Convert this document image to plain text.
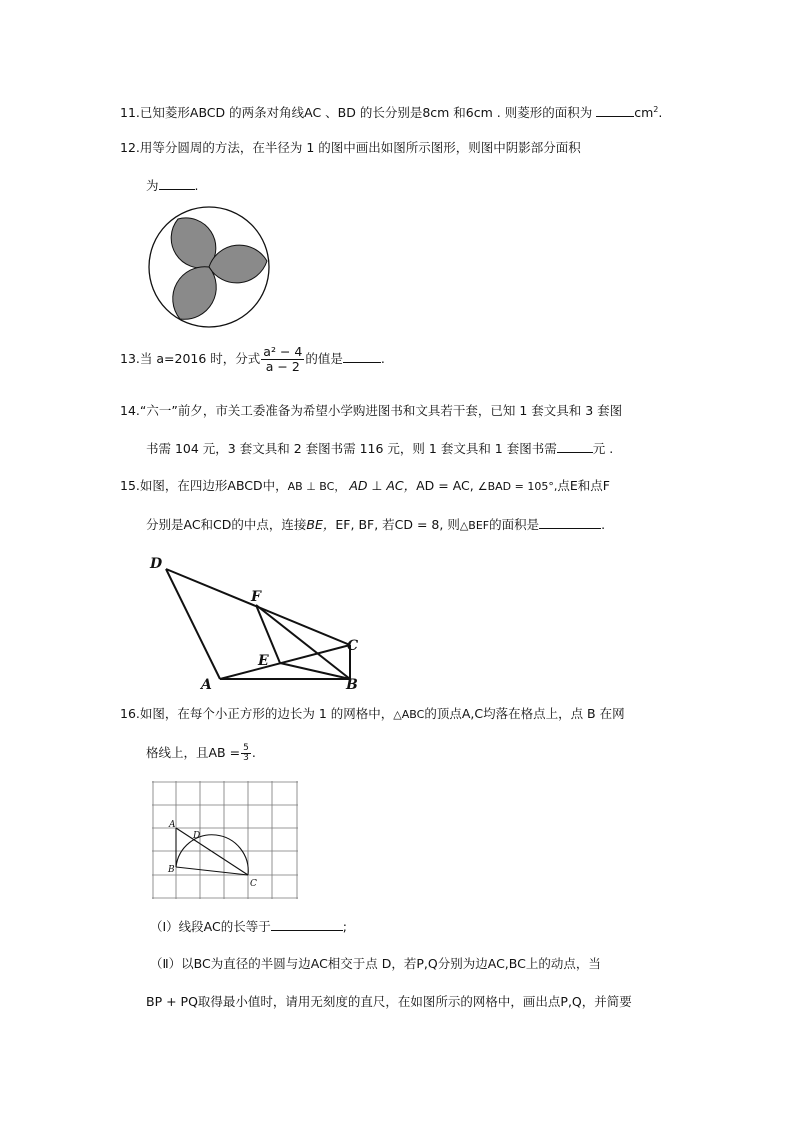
11.已知菱形ABCD 的两条对角线AC 、BD 的长分别是8cm 和6cm . 则菱形的面积为	$cm^2$.
12.用等分圆周的方法，在半径为 1 的图中画出如图所示图形，则图中阴影部分面积
为	.
13.当 a=2016 时，分式 $\frac{\text{a² − 4}}{a - 2}$ 的值是	.
14.“六一”前夕，市关工委准备为希望小学购进图书和文具若干套，已知 1 套文具和 3 套图
书需 104 元，3 套文具和 2 套图书需 116 元，则 1 套文具和 1 套图书需	元 .
15.如图，在四边形ABCD中，AB ⊥ BC， AD ⊥ AC，AD = AC, ∠BAD = 105°,点E和点F
分别是AC和CD的中点，连接BE，EF, BF, 若CD = 8, 则△BEF的面积是	.
D
F
C
E
A	B
16.如图，在每个小正方形的边长为 1 的网格中，△ABC的顶点A,C均落在格点上，点 B 在网
格线上，且AB = $\frac{5}{3}$ .
A
D
B
C
（Ⅰ）线段AC的长等于	;
（Ⅱ）以BC为直径的半圆与边AC相交于点 D，若P,Q分别为边AC,BC上的动点，当
BP + PQ取得最小值时，请用无刻度的直尺，在如图所示的网格中，画出点P,Q，并简要
